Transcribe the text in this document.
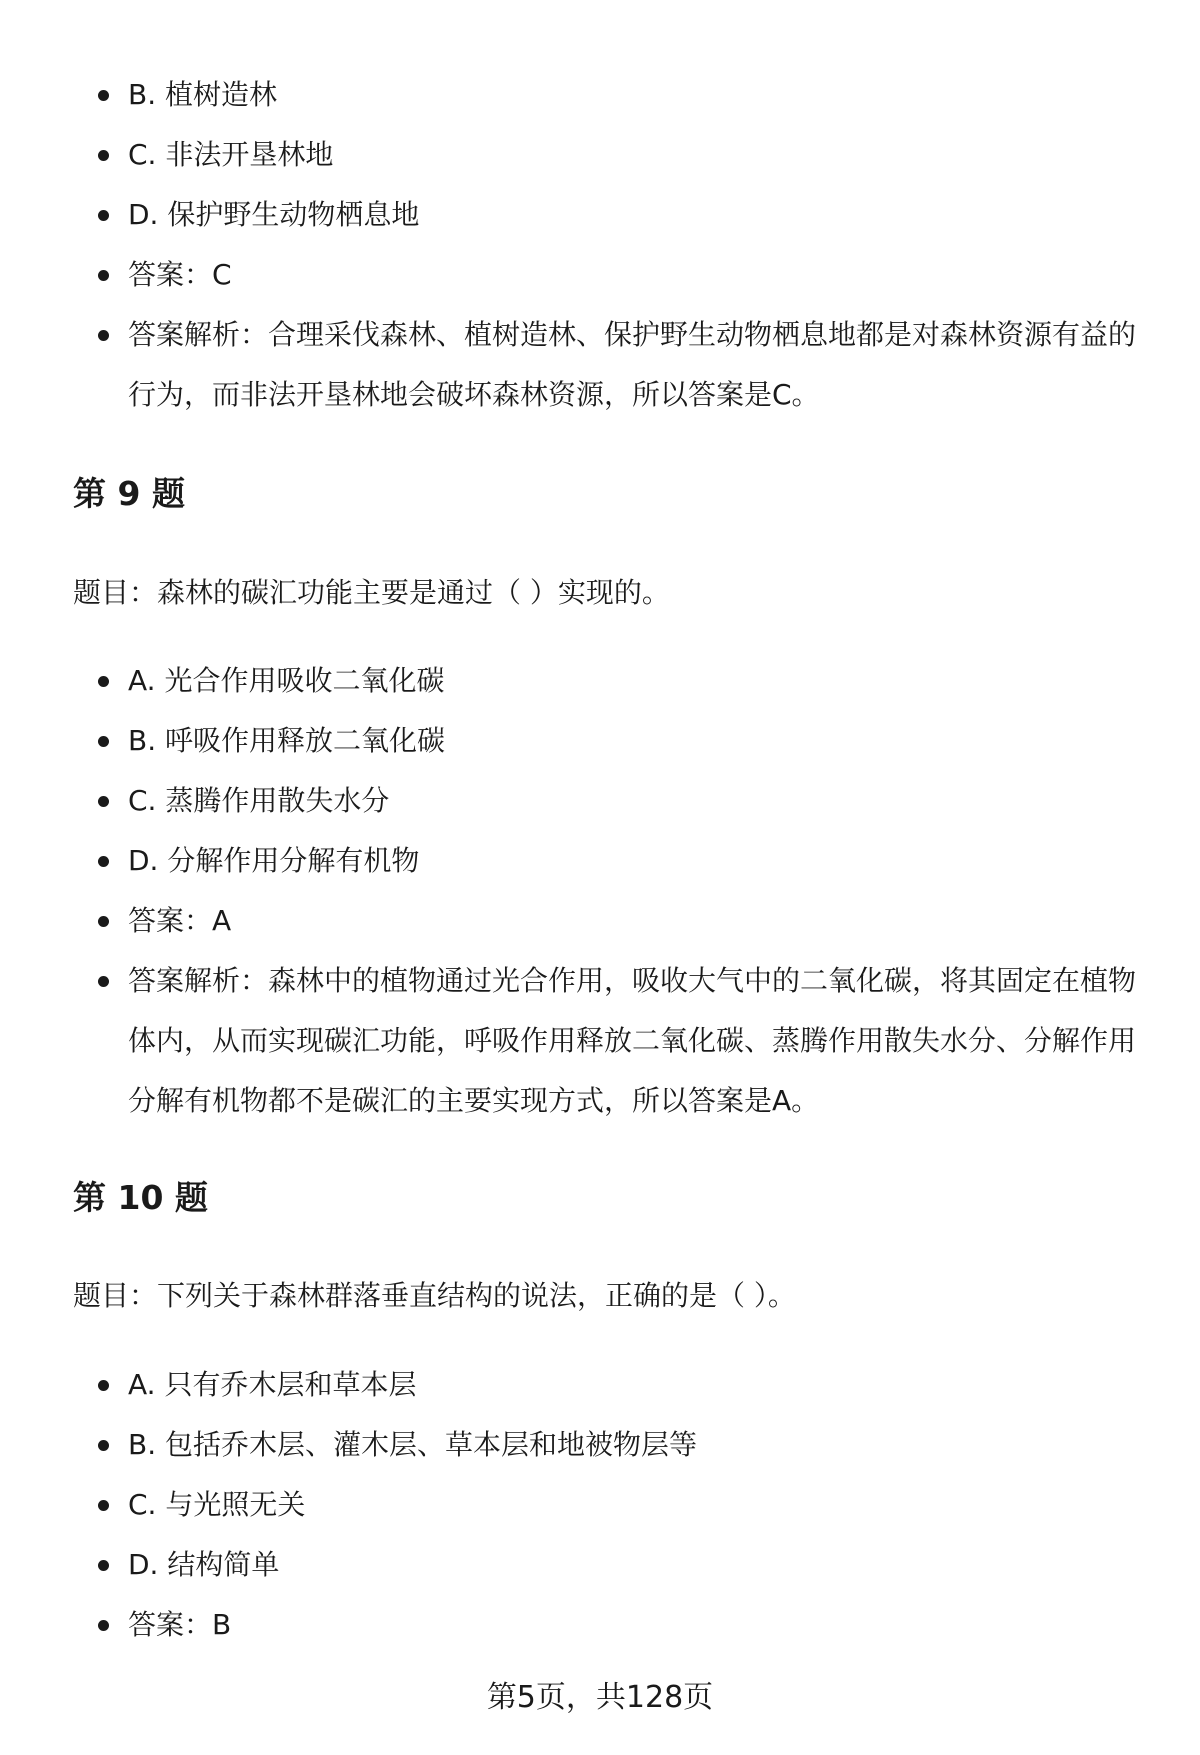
B. 植树造林
C. 非法开垦林地
D. 保护野生动物栖息地
答案：C
答案解析：合理采伐森林、植树造林、保护野生动物栖息地都是对森林资源有益的行为，而非法开垦林地会破坏森林资源，所以答案是C。
第 9 题
题目：森林的碳汇功能主要是通过（ ）实现的。
A. 光合作用吸收二氧化碳
B. 呼吸作用释放二氧化碳
C. 蒸腾作用散失水分
D. 分解作用分解有机物
答案：A
答案解析：森林中的植物通过光合作用，吸收大气中的二氧化碳，将其固定在植物体内，从而实现碳汇功能，呼吸作用释放二氧化碳、蒸腾作用散失水分、分解作用分解有机物都不是碳汇的主要实现方式，所以答案是A。
第 10 题
题目：下列关于森林群落垂直结构的说法，正确的是（ ）。
A. 只有乔木层和草本层
B. 包括乔木层、灌木层、草本层和地被物层等
C. 与光照无关
D. 结构简单
答案：B
第5页，共128页
